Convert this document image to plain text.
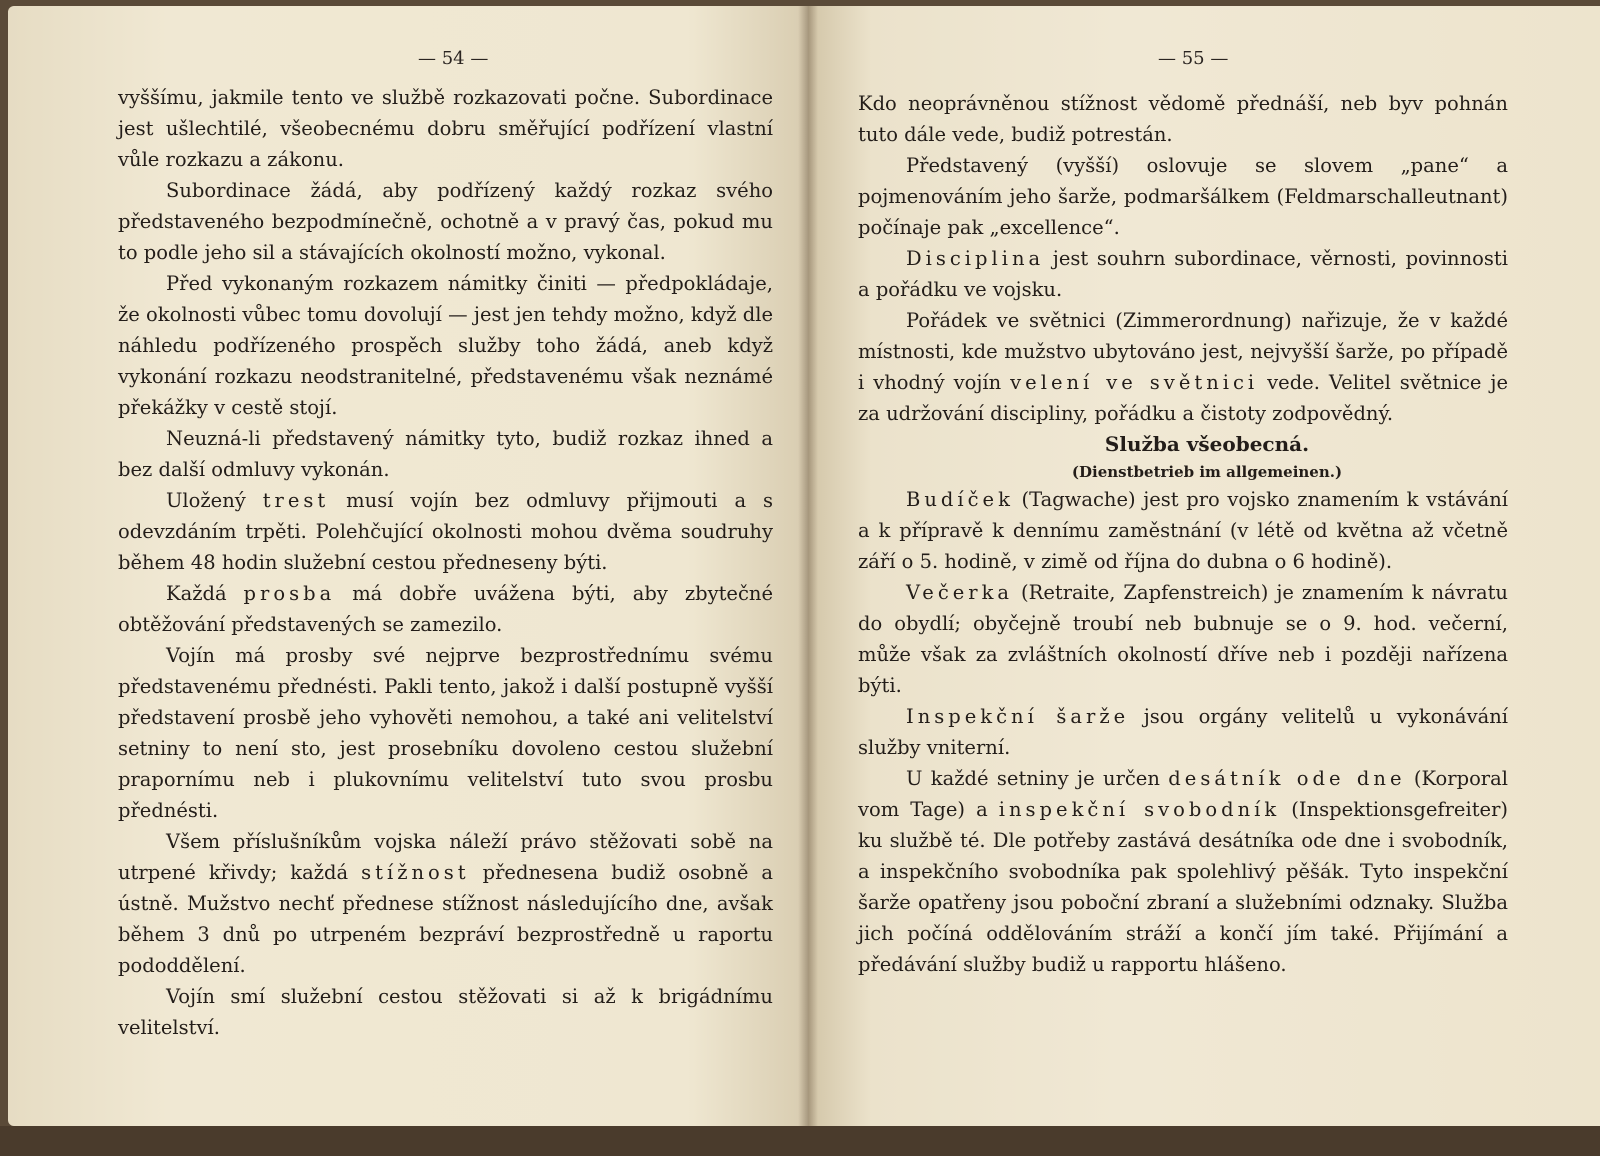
— 54 —

vyššímu, jakmile tento ve službě rozkazovati počne. Subordinace jest ušlechtilé, všeobecnému dobru směřující podřízení vlastní vůle rozkazu a zákonu.

Subordinace žádá, aby podřízený každý rozkaz svého představeného bezpodmínečně, ochotně a v pravý čas, pokud mu to podle jeho sil a stávajících okolností možno, vykonal.

Před vykonaným rozkazem námitky činiti — předpokládaje, že okolnosti vůbec tomu dovolují — jest jen tehdy možno, když dle náhledu podřízeného prospěch služby toho žádá, aneb když vykonání rozkazu neodstranitelné, představenému však neznámé překážky v cestě stojí.

Neuzná-li představený námitky tyto, budiž rozkaz ihned a bez další odmluvy vykonán.

Uložený trest musí vojín bez odmluvy přijmouti a s odevzdáním trpěti. Polehčující okolnosti mohou dvěma soudruhy během 48 hodin služební cestou předneseny býti.

Každá prosba má dobře uvážena býti, aby zbytečné obtěžování představených se zamezilo.

Vojín má prosby své nejprve bezprostřednímu svému představenému přednésti. Pakli tento, jakož i další postupně vyšší představení prosbě jeho vyhověti nemohou, a také ani velitelství setniny to není sto, jest prosebníku dovoleno cestou služební prapornímu neb i plukovnímu velitelství tuto svou prosbu přednésti.

Všem příslušníkům vojska náleží právo stěžovati sobě na utrpené křivdy; každá stížnost přednesena budiž osobně a ústně. Mužstvo nechť přednese stížnost následujícího dne, avšak během 3 dnů po utrpeném bezpráví bezprostředně u raportu pododdělení.

Vojín smí služební cestou stěžovati si až k brigádnímu velitelství.

— 55 —

Kdo neoprávněnou stížnost vědomě přednáší, neb byv pohnán tuto dále vede, budiž potrestán.

Představený (vyšší) oslovuje se slovem „pane“ a pojmenováním jeho šarže, podmaršálkem (Feldmarschalleutnant) počínaje pak „excellence“.

Disciplina jest souhrn subordinace, věrnosti, povinnosti a pořádku ve vojsku.

Pořádek ve světnici (Zimmerordnung) nařizuje, že v každé místnosti, kde mužstvo ubytováno jest, nejvyšší šarže, po případě i vhodný vojín velení ve světnici vede. Velitel světnice je za udržování discipliny, pořádku a čistoty zodpovědný.

Služba všeobecná.

(Dienstbetrieb im allgemeinen.)

Budíček (Tagwache) jest pro vojsko znamením k vstávání a k přípravě k dennímu zaměstnání (v létě od května až včetně září o 5. hodině, v zimě od října do dubna o 6 hodině).

Večerka (Retraite, Zapfenstreich) je znamením k návratu do obydlí; obyčejně troubí neb bubnuje se o 9. hod. večerní, může však za zvláštních okolností dříve neb i později nařízena býti.

Inspekční šarže jsou orgány velitelů u vykonávání služby vniterní.

U každé setniny je určen desátník ode dne (Korporal vom Tage) a inspekční svobodník (Inspektionsgefreiter) ku službě té. Dle potřeby zastává desátníka ode dne i svobodník, a inspekčního svobodníka pak spolehlivý pěšák. Tyto inspekční šarže opatřeny jsou poboční zbraní a služebními odznaky. Služba jich počíná oddělováním stráží a končí jím také. Přijímání a předávání služby budiž u rapportu hlášeno.
